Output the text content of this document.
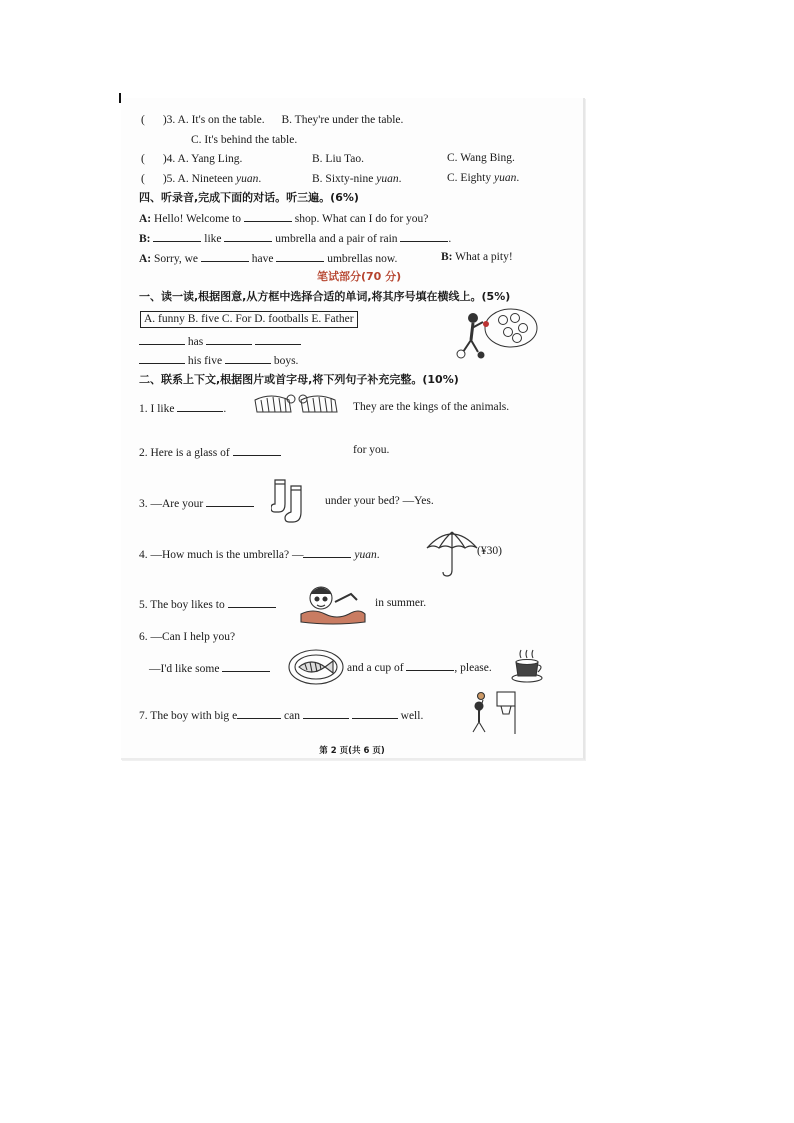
( )3. A. It's on the table. B. They're under the table.
C. It's behind the table.
( )4. A. Yang Ling.	B. Liu Tao.	C. Wang Bing.
( )5. A. Nineteen yuan.	B. Sixty-nine yuan.	C. Eighty yuan.
四、听录音,完成下面的对话。听三遍。(6%)
A: Hello! Welcome to	shop. What can I do for you?
B:	like	umbrella and a pair of rain	.
A: Sorry, we	have	umbrellas now.	B: What a pity!
笔试部分(70 分)
一、读一读,根据图意,从方框中选择合适的单词,将其序号填在横线上。(5%)
A. funny B. five C. For D. footballs E. Father
has
his five	boys.
二、联系上下文,根据图片或首字母,将下列句子补充完整。(10%)
1. I like	.	They are the kings of the animals.
2. Here is a glass of	for you.
3. —Are your	under your bed? —Yes.
4. —How much is the umbrella? —	yuan.	(¥30)
5. The boy likes to	in summer.
6. —Can I help you?
—I'd like some	and a cup of	, please.
7. The boy with big e	can	well.
第 2 页(共 6 页)
